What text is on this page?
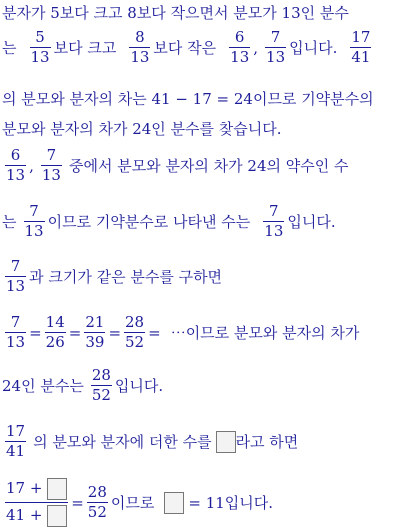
분자가 5보다 크고 8보다 작으면서 분모가 13인 분수
는 $\frac{5}{13}$ 보다 크고 $\frac{8}{13}$ 보다 작은 $\frac{6}{13}$ , $\frac{7}{13}$ 입니다. $\frac{17}{41}$
의 분모와 분자의 차는 41 − 17 = 24이므로 기약분수의
분모와 분자의 차가 24인 분수를 찾습니다.
$\frac{6}{13}$ , $\frac{7}{13}$ 중에서 분모와 분자의 차가 24의 약수인 수
는 $\frac{7}{13}$ 이므로 기약분수로 나타낸 수는 $\frac{7}{13}$ 입니다.
$\frac{7}{13}$ 과 크기가 같은 분수를 구하면
$\frac{7}{13} = \frac{14}{26} = \frac{21}{39} = \frac{28}{52}$ = ⋯이므로 분모와 분자의 차가
24인 분수는 $\frac{28}{52}$ 입니다.
$\frac{17}{41}$ 의 분모와 분자에 더한 수를 라고 하면
$\frac{17 +}{41 +} = \frac{28}{52}$ 이므로 = 11입니다.
